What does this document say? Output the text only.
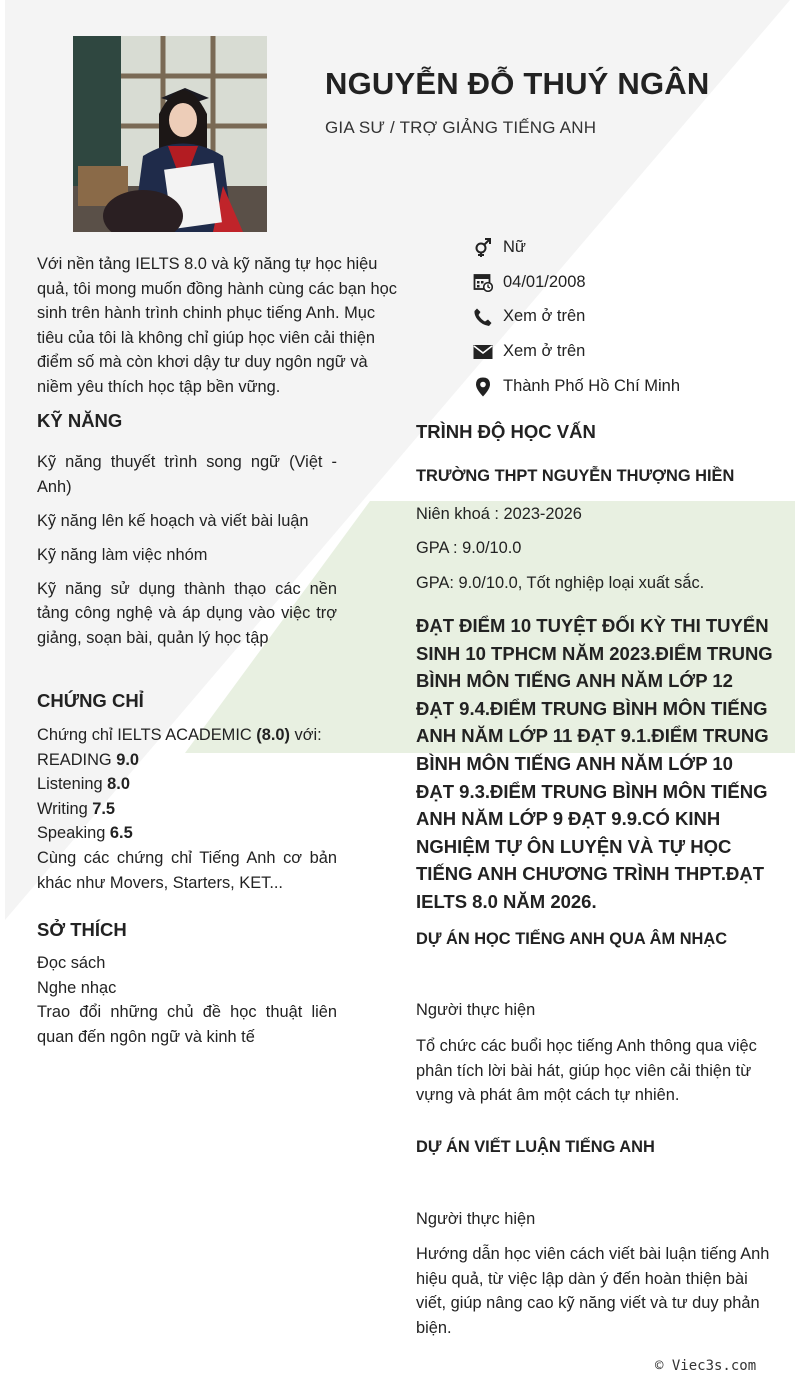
NGUYỄN ĐỖ THUÝ NGÂN
GIA SƯ / TRỢ GIẢNG TIẾNG ANH
Nữ
04/01/2008
Xem ở trên
Xem ở trên
Thành Phố Hồ Chí Minh
Với nền tảng IELTS 8.0 và kỹ năng tự học hiệu quả, tôi mong muốn đồng hành cùng các bạn học sinh trên hành trình chinh phục tiếng Anh. Mục tiêu của tôi là không chỉ giúp học viên cải thiện điểm số mà còn khơi dậy tư duy ngôn ngữ và niềm yêu thích học tập bền vững.
KỸ NĂNG
Kỹ năng thuyết trình song ngữ (Việt - Anh)
Kỹ năng lên kế hoạch và viết bài luận
Kỹ năng làm việc nhóm
Kỹ năng sử dụng thành thạo các nền tảng công nghệ và áp dụng vào việc trợ giảng, soạn bài, quản lý học tập
CHỨNG CHỈ
Chứng chỉ IELTS ACADEMIC (8.0) với:
READING 9.0
Listening 8.0
Writing 7.5
Speaking 6.5
Cùng các chứng chỉ Tiếng Anh cơ bản khác như Movers, Starters, KET...
SỞ THÍCH
Đọc sách
Nghe nhạc
Trao đổi những chủ đề học thuật liên quan đến ngôn ngữ và kinh tế
TRÌNH ĐỘ HỌC VẤN
TRƯỜNG THPT NGUYỄN THƯỢNG HIỀN
Niên khoá : 2023-2026
GPA : 9.0/10.0
GPA: 9.0/10.0, Tốt nghiệp loại xuất sắc.
ĐẠT ĐIỂM 10 TUYỆT ĐỐI KỲ THI TUYỂN SINH 10 TPHCM NĂM 2023.ĐIỂM TRUNG BÌNH MÔN TIẾNG ANH NĂM LỚP 12 ĐẠT 9.4.ĐIỂM TRUNG BÌNH MÔN TIẾNG ANH NĂM LỚP 11 ĐẠT 9.1.ĐIỂM TRUNG BÌNH MÔN TIẾNG ANH NĂM LỚP 10 ĐẠT 9.3.ĐIỂM TRUNG BÌNH MÔN TIẾNG ANH NĂM LỚP 9 ĐẠT 9.9.CÓ KINH NGHIỆM TỰ ÔN LUYỆN VÀ TỰ HỌC TIẾNG ANH CHƯƠNG TRÌNH THPT.ĐẠT IELTS 8.0 NĂM 2026.
DỰ ÁN HỌC TIẾNG ANH QUA ÂM NHẠC
Người thực hiện
Tổ chức các buổi học tiếng Anh thông qua việc phân tích lời bài hát, giúp học viên cải thiện từ vựng và phát âm một cách tự nhiên.
DỰ ÁN VIẾT LUẬN TIẾNG ANH
Người thực hiện
Hướng dẫn học viên cách viết bài luận tiếng Anh hiệu quả, từ việc lập dàn ý đến hoàn thiện bài viết, giúp nâng cao kỹ năng viết và tư duy phản biện.
© Viec3s.com
